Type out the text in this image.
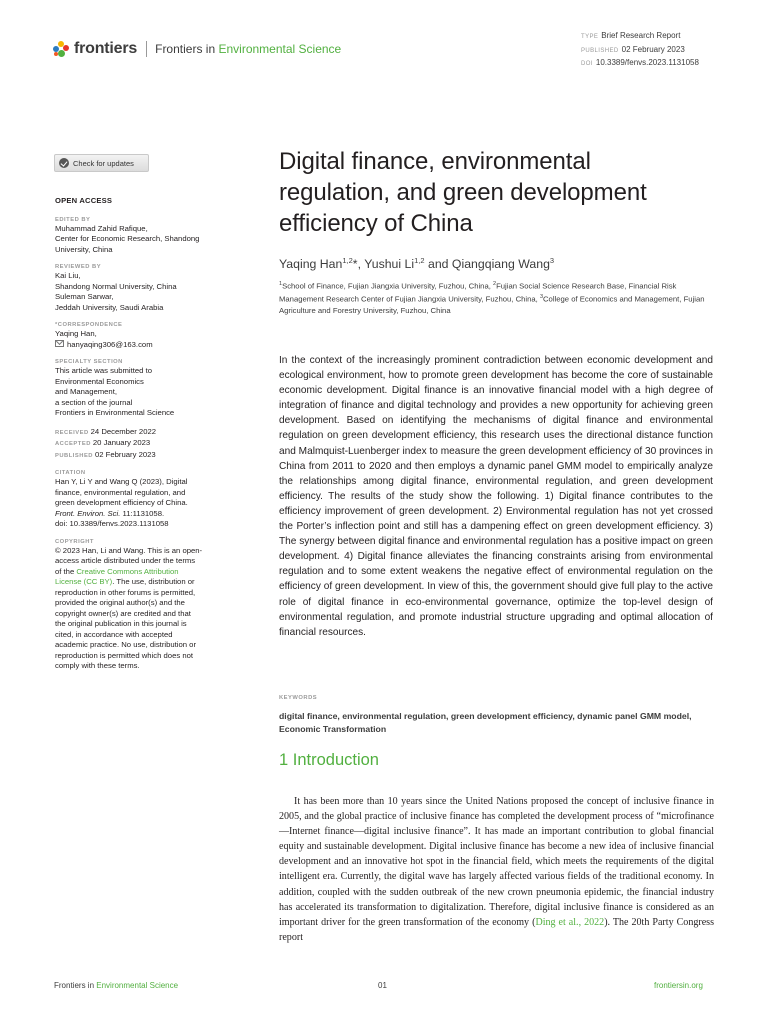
frontiers Frontiers in Environmental Science
TYPE Brief Research Report
PUBLISHED 02 February 2023
DOI 10.3389/fenvs.2023.1131058
Check for updates
OPEN ACCESS
EDITED BY
Muhammad Zahid Rafique,
Center for Economic Research, Shandong
University, China
REVIEWED BY
Kai Liu,
Shandong Normal University, China
Suleman Sarwar,
Jeddah University, Saudi Arabia
*CORRESPONDENCE
Yaqing Han,
hanyaqing306@163.com
SPECIALTY SECTION
This article was submitted to
Environmental Economics
and Management,
a section of the journal
Frontiers in Environmental Science
RECEIVED 24 December 2022
ACCEPTED 20 January 2023
PUBLISHED 02 February 2023
CITATION
Han Y, Li Y and Wang Q (2023), Digital
finance, environmental regulation, and
green development efficiency of China.
Front. Environ. Sci. 11:1131058.
doi: 10.3389/fenvs.2023.1131058
COPYRIGHT
© 2023 Han, Li and Wang. This is an open-
access article distributed under the terms
of the Creative Commons Attribution
License (CC BY). The use, distribution or
reproduction in other forums is permitted,
provided the original author(s) and the
copyright owner(s) are credited and that
the original publication in this journal is
cited, in accordance with accepted
academic practice. No use, distribution or
reproduction is permitted which does not
comply with these terms.
Digital finance, environmental
regulation, and green development
efficiency of China
Yaqing Han$^{1,2}$*, Yushui Li$^{1,2}$ and Qiangqiang Wang$^3$
$^1$School of Finance, Fujian Jiangxia University, Fuzhou, China, $^2$Fujian Social Science Research Base, Financial Risk Management Research Center of Fujian Jiangxia University, Fuzhou, China, $^3$College of Economics and Management, Fujian Agriculture and Forestry University, Fuzhou, China
In the context of the increasingly prominent contradiction between economic development and ecological environment, how to promote green development has become the core of sustainable economic development. Digital finance is an innovative financial model with a high degree of integration of finance and digital technology and provides a new opportunity for achieving green development. Based on identifying the mechanisms of digital finance and environmental regulation on green development efficiency, this research uses the directional distance function and Malmquist-Luenberger index to measure the green development efficiency of 30 provinces in China from 2011 to 2020 and then employs a dynamic panel GMM model to empirically analyze the relationships among digital finance, environmental regulation, and green development efficiency. The results of the study show the following. 1) Digital finance contributes to the efficiency improvement of green development. 2) Environmental regulation has not yet crossed the Porter’s inflection point and still has a dampening effect on green development efficiency. 3) The synergy between digital finance and environmental regulation has a positive impact on green development. 4) Digital finance alleviates the financing constraints arising from environmental regulation and to some extent weakens the negative effect of environmental regulation on the efficiency of green development. In view of this, the government should give full play to the active role of digital finance in eco-environmental governance, optimize the top-level design of environmental regulation, and promote industrial structure upgrading and optimal allocation of financial resources.
KEYWORDS
digital finance, environmental regulation, green development efficiency, dynamic panel GMM model, Economic Transformation
1 Introduction
It has been more than 10 years since the United Nations proposed the concept of inclusive finance in 2005, and the global practice of inclusive finance has completed the development process of “microfinance—Internet finance—digital inclusive finance”. It has made an important contribution to global financial equity and sustainable development. Digital inclusive finance has become a new idea of inclusive financial development and an innovative hot spot in the financial field, which meets the requirements of the digital intelligent era. Currently, the digital wave has largely affected various fields of the traditional economy. In addition, coupled with the sudden outbreak of the new crown pneumonia epidemic, the financial industry has accelerated its transformation to digitalization. Therefore, digital inclusive finance is considered as an important driver for the green transformation of the economy (Ding et al., 2022). The 20th Party Congress report
Frontiers in Environmental Science	01	frontiersin.org
